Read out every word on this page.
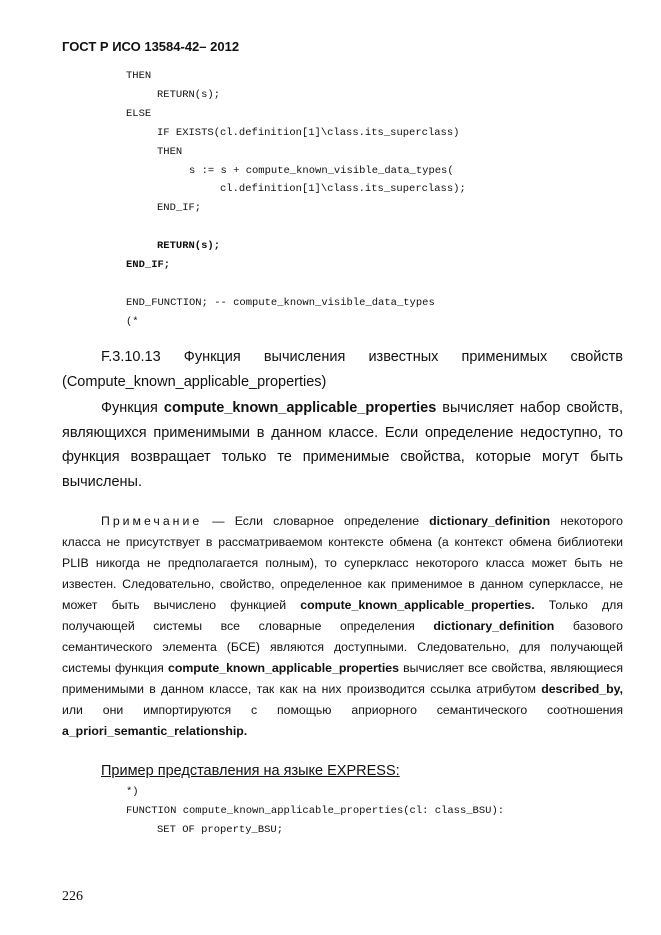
ГОСТ Р ИСО 13584-42– 2012
THEN
RETURN(s);
ELSE
IF EXISTS(cl.definition[1]\class.its_superclass)
THEN
s := s + compute_known_visible_data_types(
cl.definition[1]\class.its_superclass);
END_IF;
RETURN(s);
END_IF;
END_FUNCTION; -- compute_known_visible_data_types
(*
F.3.10.13 Функция вычисления известных применимых свойств
(Compute_known_applicable_properties)
Функция compute_known_applicable_properties вычисляет набор свойств,
являющихся применимыми в данном классе. Если определение недоступно, то
функция возвращает только те применимые свойства, которые могут быть
вычислены.
Примечание — Если словарное определение dictionary_definition некоторого
класса не присутствует в рассматриваемом контексте обмена (а контекст обмена библиотеки
PLIB никогда не предполагается полным), то суперкласс некоторого класса может быть не
известен. Следовательно, свойство, определенное как применимое в данном суперклассе, не
может быть вычислено функцией compute_known_applicable_properties. Только для
получающей системы все словарные определения dictionary_definition базового
семантического элемента (БСЕ) являются доступными. Следовательно, для получающей
системы функция compute_known_applicable_properties вычисляет все свойства, являющиеся
применимыми в данном классе, так как на них производится ссылка атрибутом described_by,
или они импортируются с помощью априорного семантического соотношения
a_priori_semantic_relationship.
Пример представления на языке EXPRESS:
*)
FUNCTION compute_known_applicable_properties(cl: class_BSU):
SET OF property_BSU;
226
